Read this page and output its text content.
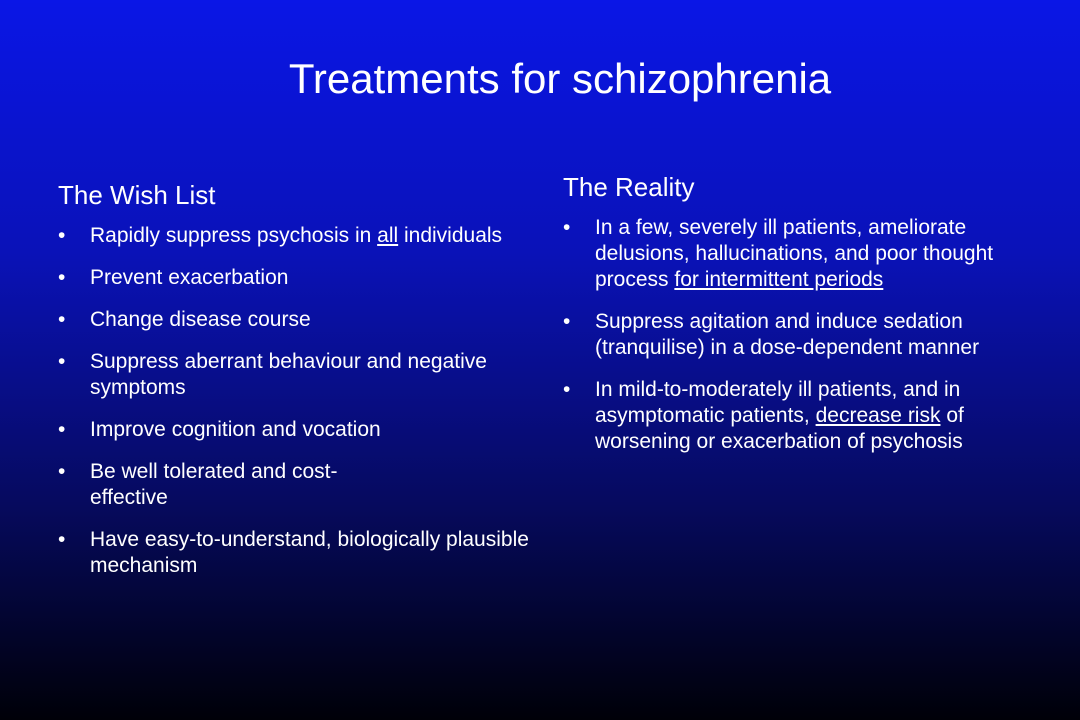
Treatments for schizophrenia
The Wish List
• Rapidly suppress psychosis in all individuals
• Prevent exacerbation
• Change disease course
• Suppress aberrant behaviour and negative symptoms
• Improve cognition and vocation
• Be well tolerated and cost-effective
• Have easy-to-understand, biologically plausible mechanism
The Reality
• In a few, severely ill patients, ameliorate delusions, hallucinations, and poor thought process for intermittent periods
• Suppress agitation and induce sedation (tranquilise) in a dose-dependent manner
• In mild-to-moderately ill patients, and in asymptomatic patients, decrease risk of worsening or exacerbation of psychosis
